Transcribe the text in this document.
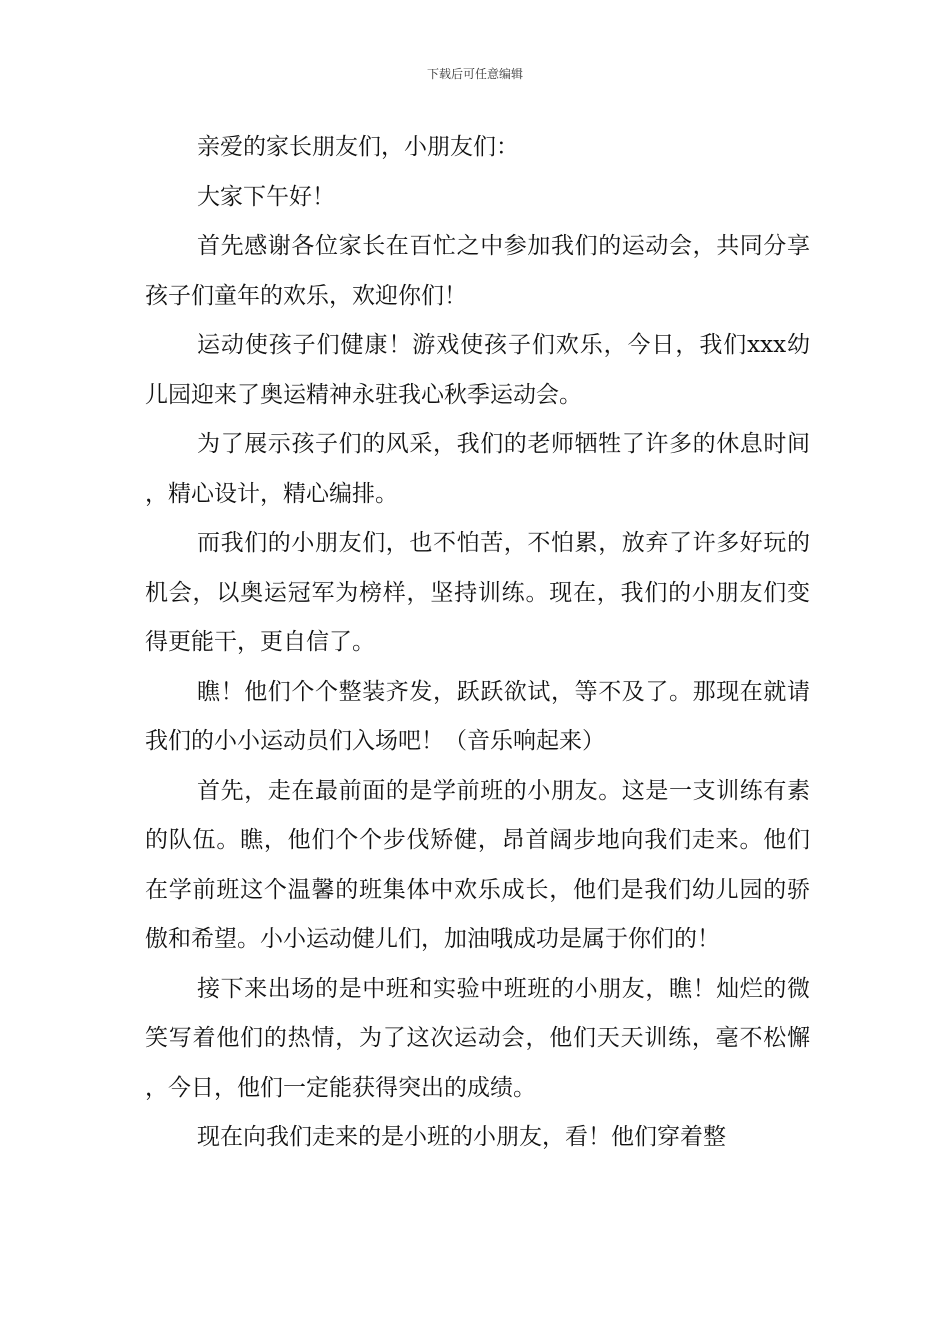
下载后可任意编辑

亲爱的家长朋友们，小朋友们：

大家下午好！

首先感谢各位家长在百忙之中参加我们的运动会，共同分享孩子们童年的欢乐，欢迎你们！

运动使孩子们健康！游戏使孩子们欢乐，今日，我们xxx幼儿园迎来了奥运精神永驻我心秋季运动会。

为了展示孩子们的风采，我们的老师牺牲了许多的休息时间，精心设计，精心编排。

而我们的小朋友们，也不怕苦，不怕累，放弃了许多好玩的机会，以奥运冠军为榜样，坚持训练。现在，我们的小朋友们变得更能干，更自信了。

瞧！他们个个整装齐发，跃跃欲试，等不及了。那现在就请我们的小小运动员们入场吧！（音乐响起来）

首先，走在最前面的是学前班的小朋友。这是一支训练有素的队伍。瞧，他们个个步伐矫健，昂首阔步地向我们走来。他们在学前班这个温馨的班集体中欢乐成长，他们是我们幼儿园的骄傲和希望。小小运动健儿们，加油哦成功是属于你们的！

接下来出场的是中班和实验中班班的小朋友，瞧！灿烂的微笑写着他们的热情，为了这次运动会，他们天天训练，毫不松懈，今日，他们一定能获得突出的成绩。

现在向我们走来的是小班的小朋友，看！他们穿着整
